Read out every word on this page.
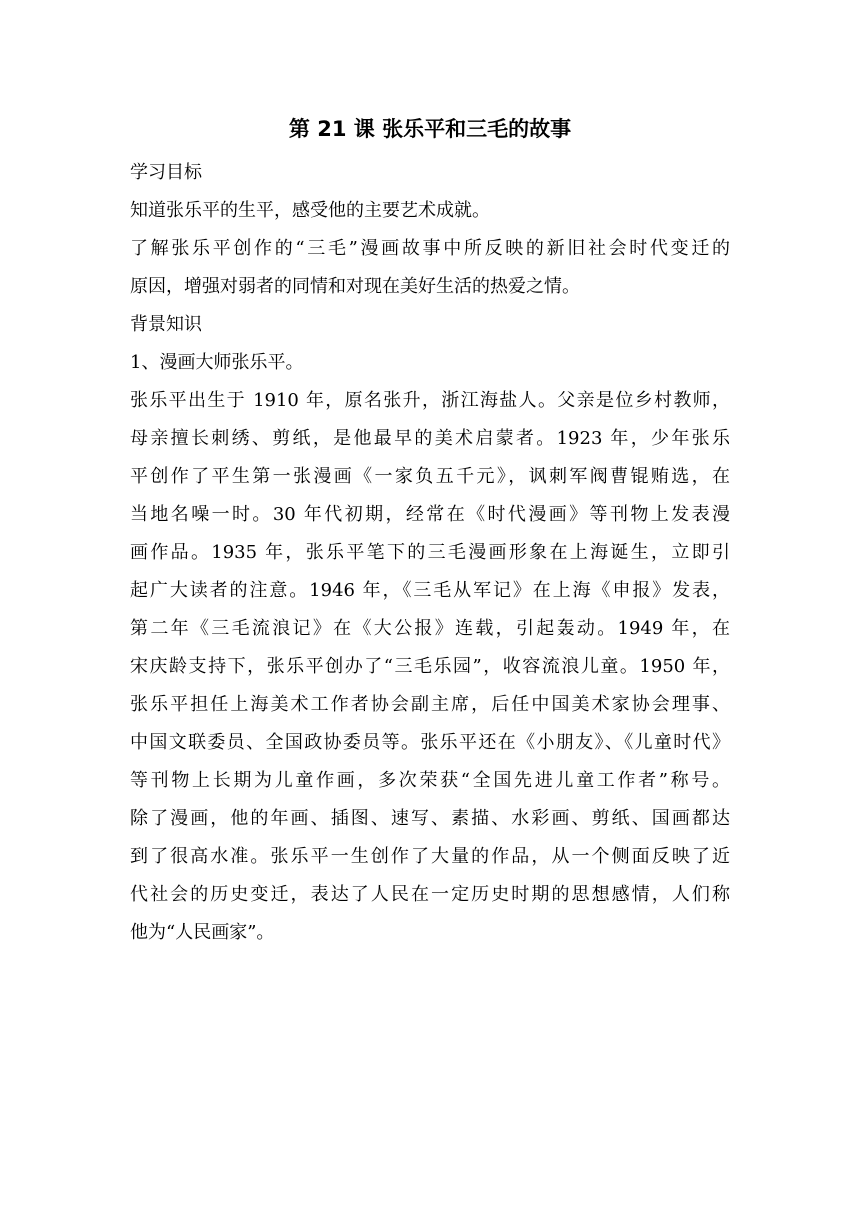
第 21 课 张乐平和三毛的故事
学习目标
知道张乐平的生平，感受他的主要艺术成就。
了解张乐平创作的“三毛”漫画故事中所反映的新旧社会时代变迁的
原因，增强对弱者的同情和对现在美好生活的热爱之情。
背景知识
1、漫画大师张乐平。
张乐平出生于 1910 年，原名张升，浙江海盐人。父亲是位乡村教师，
母亲擅长刺绣、剪纸，是他最早的美术启蒙者。1923 年，少年张乐
平创作了平生第一张漫画《一家负五千元》，讽刺军阀曹锟贿选，在
当地名噪一时。30 年代初期，经常在《时代漫画》等刊物上发表漫
画作品。1935 年，张乐平笔下的三毛漫画形象在上海诞生，立即引
起广大读者的注意。1946 年，《三毛从军记》在上海《申报》发表，
第二年《三毛流浪记》在《大公报》连载，引起轰动。1949 年，在
宋庆龄支持下，张乐平创办了“三毛乐园”，收容流浪儿童。1950 年，
张乐平担任上海美术工作者协会副主席，后任中国美术家协会理事、
中国文联委员、全国政协委员等。张乐平还在《小朋友》、《儿童时代》
等刊物上长期为儿童作画，多次荣获“全国先进儿童工作者”称号。
除了漫画，他的年画、插图、速写、素描、水彩画、剪纸、国画都达
到了很高水准。张乐平一生创作了大量的作品，从一个侧面反映了近
代社会的历史变迁，表达了人民在一定历史时期的思想感情，人们称
他为“人民画家”。
